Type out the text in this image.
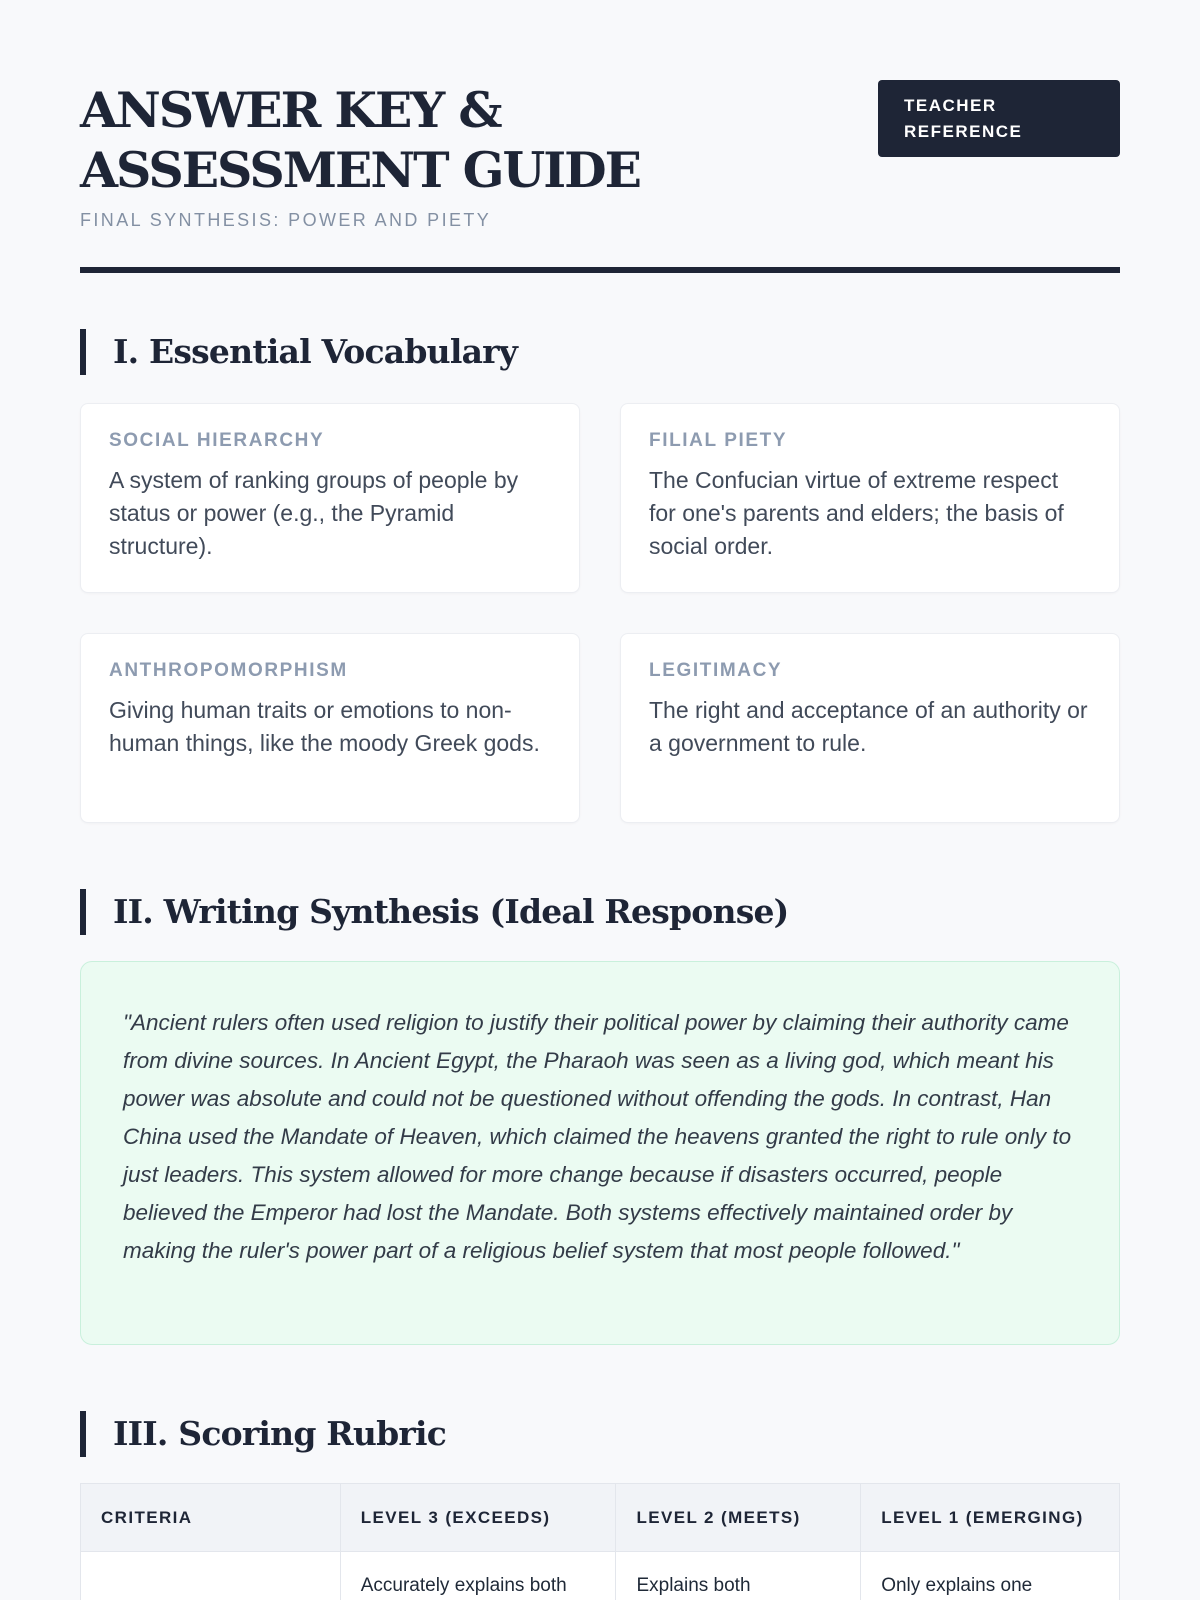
ANSWER KEY & ASSESSMENT GUIDE
FINAL SYNTHESIS: POWER AND PIETY
TEACHER REFERENCE
I. Essential Vocabulary
SOCIAL HIERARCHY
A system of ranking groups of people by status or power (e.g., the Pyramid structure).
FILIAL PIETY
The Confucian virtue of extreme respect for one's parents and elders; the basis of social order.
ANTHROPOMORPHISM
Giving human traits or emotions to non-human things, like the moody Greek gods.
LEGITIMACY
The right and acceptance of an authority or a government to rule.
II. Writing Synthesis (Ideal Response)

"Ancient rulers often used religion to justify their political power by claiming their authority came from divine sources. In Ancient Egypt, the Pharaoh was seen as a living god, which meant his power was absolute and could not be questioned without offending the gods. In contrast, Han China used the Mandate of Heaven, which claimed the heavens granted the right to rule only to just leaders. This system allowed for more change because if disasters occurred, people believed the Emperor had lost the Mandate. Both systems effectively maintained order by making the ruler's power part of a religious belief system that most people followed."

III. Scoring Rubric
CRITERIA	LEVEL 3 (EXCEEDS)	LEVEL 2 (MEETS)	LEVEL 1 (EMERGING)
	Accurately explains both	Explains both	Only explains one
